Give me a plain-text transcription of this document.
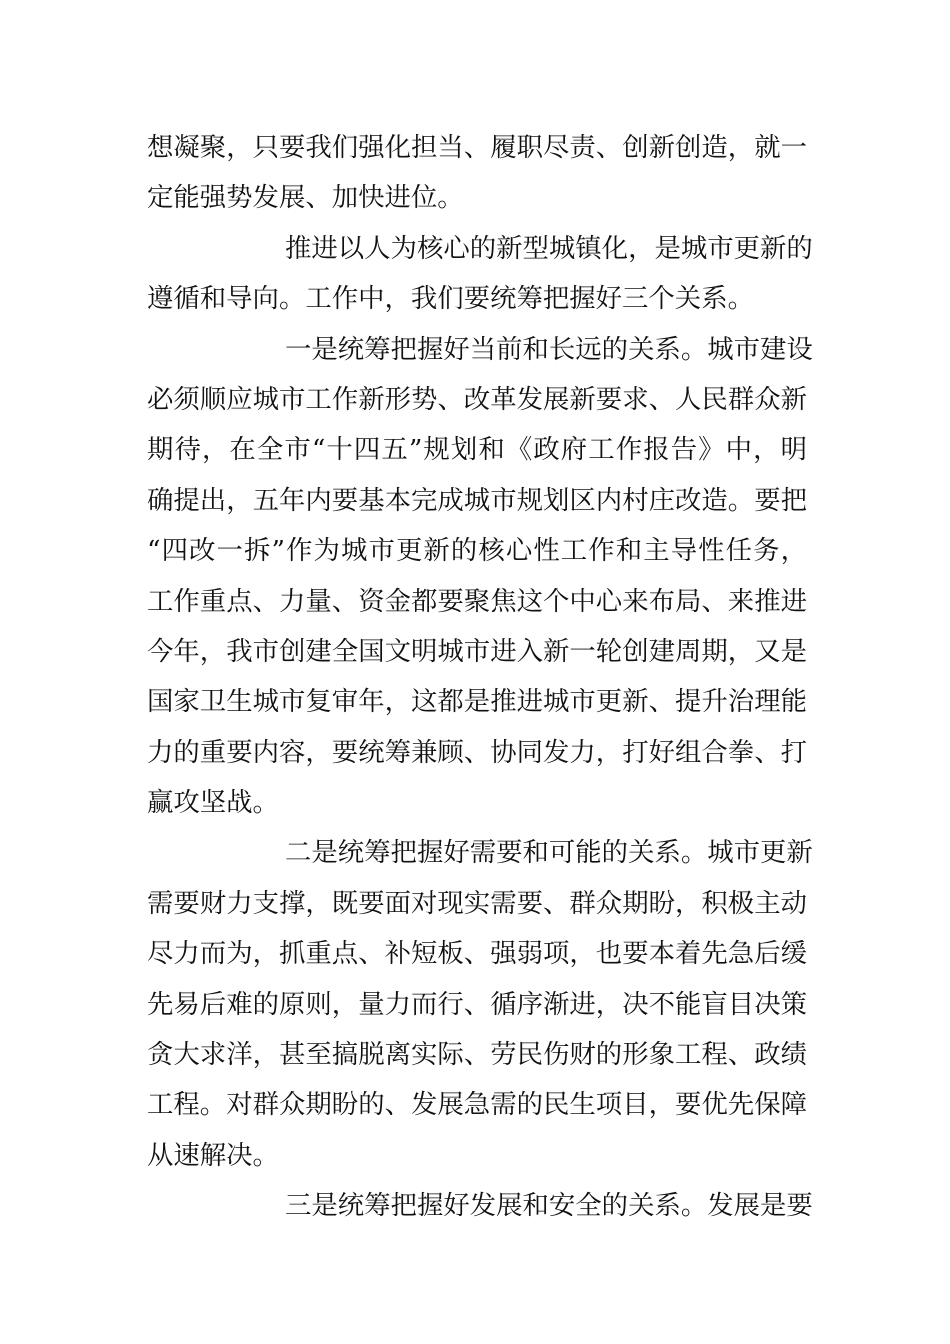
想凝聚，只要我们强化担当、履职尽责、创新创造，就一
定能强势发展、加快进位。
推进以人为核心的新型城镇化，是城市更新的
遵循和导向。工作中，我们要统筹把握好三个关系。
一是统筹把握好当前和长远的关系。城市建设
必须顺应城市工作新形势、改革发展新要求、人民群众新
期待，在全市“十四五”规划和《政府工作报告》中，明
确提出，五年内要基本完成城市规划区内村庄改造。要把
“四改一拆”作为城市更新的核心性工作和主导性任务，
工作重点、力量、资金都要聚焦这个中心来布局、来推进
今年，我市创建全国文明城市进入新一轮创建周期，又是
国家卫生城市复审年，这都是推进城市更新、提升治理能
力的重要内容，要统筹兼顾、协同发力，打好组合拳、打
赢攻坚战。
二是统筹把握好需要和可能的关系。城市更新
需要财力支撑，既要面对现实需要、群众期盼，积极主动
尽力而为，抓重点、补短板、强弱项，也要本着先急后缓
先易后难的原则，量力而行、循序渐进，决不能盲目决策
贪大求洋，甚至搞脱离实际、劳民伤财的形象工程、政绩
工程。对群众期盼的、发展急需的民生项目，要优先保障
从速解决。
三是统筹把握好发展和安全的关系。发展是要
